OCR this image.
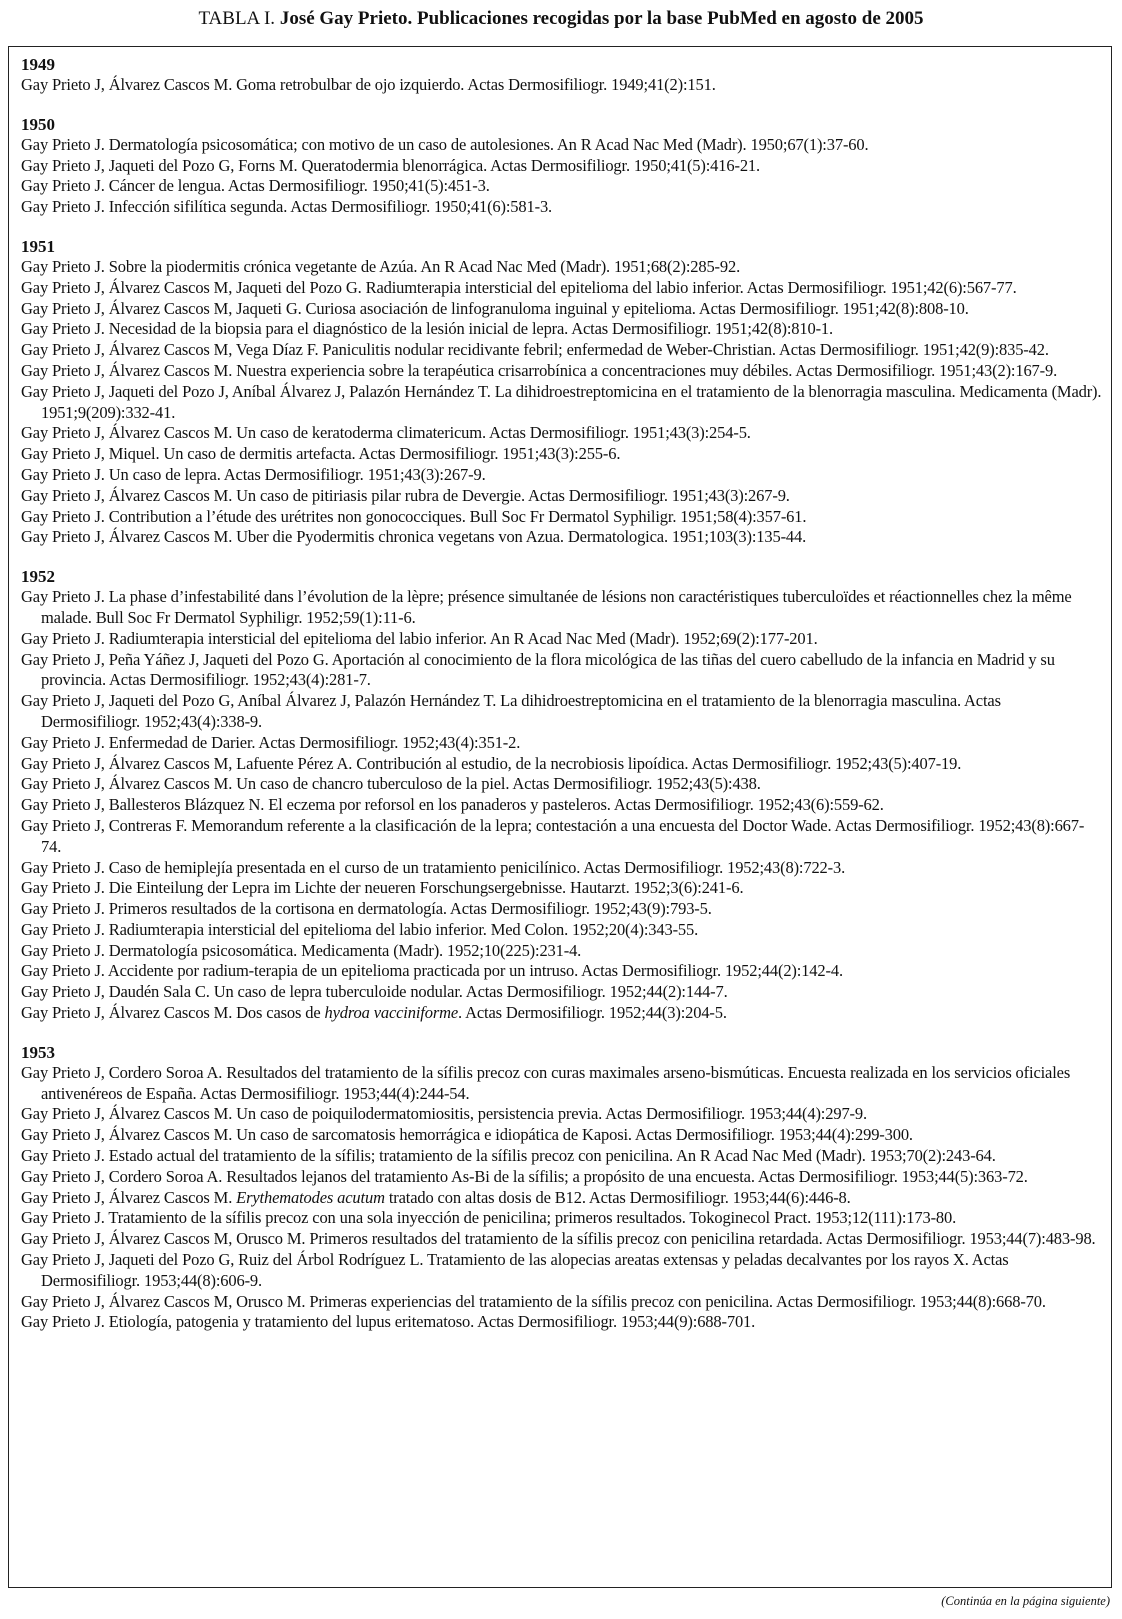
TABLA I. José Gay Prieto. Publicaciones recogidas por la base PubMed en agosto de 2005
1949
Gay Prieto J, Álvarez Cascos M. Goma retrobulbar de ojo izquierdo. Actas Dermosifiliogr. 1949;41(2):151.
1950
Gay Prieto J. Dermatología psicosomática; con motivo de un caso de autolesiones. An R Acad Nac Med (Madr). 1950;67(1):37-60.
Gay Prieto J, Jaqueti del Pozo G, Forns M. Queratodermia blenorrágica. Actas Dermosifiliogr. 1950;41(5):416-21.
Gay Prieto J. Cáncer de lengua. Actas Dermosifiliogr. 1950;41(5):451-3.
Gay Prieto J. Infección sifilítica segunda. Actas Dermosifiliogr. 1950;41(6):581-3.
1951
Gay Prieto J. Sobre la piodermitis crónica vegetante de Azúa. An R Acad Nac Med (Madr). 1951;68(2):285-92.
Gay Prieto J, Álvarez Cascos M, Jaqueti del Pozo G. Radiumterapia intersticial del epitelioma del labio inferior. Actas Dermosifiliogr. 1951;42(6):567-77.
Gay Prieto J, Álvarez Cascos M, Jaqueti G. Curiosa asociación de linfogranuloma inguinal y epitelioma. Actas Dermosifiliogr. 1951;42(8):808-10.
Gay Prieto J. Necesidad de la biopsia para el diagnóstico de la lesión inicial de lepra. Actas Dermosifiliogr. 1951;42(8):810-1.
Gay Prieto J, Álvarez Cascos M, Vega Díaz F. Paniculitis nodular recidivante febril; enfermedad de Weber-Christian. Actas Dermosifiliogr. 1951;42(9):835-42.
Gay Prieto J, Álvarez Cascos M. Nuestra experiencia sobre la terapéutica crisarrobínica a concentraciones muy débiles. Actas Dermosifiliogr. 1951;43(2):167-9.
Gay Prieto J, Jaqueti del Pozo J, Aníbal Álvarez J, Palazón Hernández T. La dihidroestreptomicina en el tratamiento de la blenorragia masculina. Medicamenta (Madr). 1951;9(209):332-41.
Gay Prieto J, Álvarez Cascos M. Un caso de keratoderma climatericum. Actas Dermosifiliogr. 1951;43(3):254-5.
Gay Prieto J, Miquel. Un caso de dermitis artefacta. Actas Dermosifiliogr. 1951;43(3):255-6.
Gay Prieto J. Un caso de lepra. Actas Dermosifiliogr. 1951;43(3):267-9.
Gay Prieto J, Álvarez Cascos M. Un caso de pitiriasis pilar rubra de Devergie. Actas Dermosifiliogr. 1951;43(3):267-9.
Gay Prieto J. Contribution a l’étude des urétrites non gonococciques. Bull Soc Fr Dermatol Syphiligr. 1951;58(4):357-61.
Gay Prieto J, Álvarez Cascos M. Uber die Pyodermitis chronica vegetans von Azua. Dermatologica. 1951;103(3):135-44.
1952
Gay Prieto J. La phase d’infestabilité dans l’évolution de la lèpre; présence simultanée de lésions non caractéristiques tuberculoïdes et réactionnelles chez la même malade. Bull Soc Fr Dermatol Syphiligr. 1952;59(1):11-6.
Gay Prieto J. Radiumterapia intersticial del epitelioma del labio inferior. An R Acad Nac Med (Madr). 1952;69(2):177-201.
Gay Prieto J, Peña Yáñez J, Jaqueti del Pozo G. Aportación al conocimiento de la flora micológica de las tiñas del cuero cabelludo de la infancia en Madrid y su provincia. Actas Dermosifiliogr. 1952;43(4):281-7.
Gay Prieto J, Jaqueti del Pozo G, Aníbal Álvarez J, Palazón Hernández T. La dihidroestreptomicina en el tratamiento de la blenorragia masculina. Actas Dermosifiliogr. 1952;43(4):338-9.
Gay Prieto J. Enfermedad de Darier. Actas Dermosifiliogr. 1952;43(4):351-2.
Gay Prieto J, Álvarez Cascos M, Lafuente Pérez A. Contribución al estudio, de la necrobiosis lipoídica. Actas Dermosifiliogr. 1952;43(5):407-19.
Gay Prieto J, Álvarez Cascos M. Un caso de chancro tuberculoso de la piel. Actas Dermosifiliogr. 1952;43(5):438.
Gay Prieto J, Ballesteros Blázquez N. El eczema por reforsol en los panaderos y pasteleros. Actas Dermosifiliogr. 1952;43(6):559-62.
Gay Prieto J, Contreras F. Memorandum referente a la clasificación de la lepra; contestación a una encuesta del Doctor Wade. Actas Dermosifiliogr. 1952;43(8):667-74.
Gay Prieto J. Caso de hemiplejía presentada en el curso de un tratamiento penicilínico. Actas Dermosifiliogr. 1952;43(8):722-3.
Gay Prieto J. Die Einteilung der Lepra im Lichte der neueren Forschungsergebnisse. Hautarzt. 1952;3(6):241-6.
Gay Prieto J. Primeros resultados de la cortisona en dermatología. Actas Dermosifiliogr. 1952;43(9):793-5.
Gay Prieto J. Radiumterapia intersticial del epitelioma del labio inferior. Med Colon. 1952;20(4):343-55.
Gay Prieto J. Dermatología psicosomática. Medicamenta (Madr). 1952;10(225):231-4.
Gay Prieto J. Accidente por radium-terapia de un epitelioma practicada por un intruso. Actas Dermosifiliogr. 1952;44(2):142-4.
Gay Prieto J, Daudén Sala C. Un caso de lepra tuberculoide nodular. Actas Dermosifiliogr. 1952;44(2):144-7.
Gay Prieto J, Álvarez Cascos M. Dos casos de hydroa vacciniforme. Actas Dermosifiliogr. 1952;44(3):204-5.
1953
Gay Prieto J, Cordero Soroa A. Resultados del tratamiento de la sífilis precoz con curas maximales arseno-bismúticas. Encuesta realizada en los servicios oficiales antivenéreos de España. Actas Dermosifiliogr. 1953;44(4):244-54.
Gay Prieto J, Álvarez Cascos M. Un caso de poiquilodermatomiositis, persistencia previa. Actas Dermosifiliogr. 1953;44(4):297-9.
Gay Prieto J, Álvarez Cascos M. Un caso de sarcomatosis hemorrágica e idiopática de Kaposi. Actas Dermosifiliogr. 1953;44(4):299-300.
Gay Prieto J. Estado actual del tratamiento de la sífilis; tratamiento de la sífilis precoz con penicilina. An R Acad Nac Med (Madr). 1953;70(2):243-64.
Gay Prieto J, Cordero Soroa A. Resultados lejanos del tratamiento As-Bi de la sífilis; a propósito de una encuesta. Actas Dermosifiliogr. 1953;44(5):363-72.
Gay Prieto J, Álvarez Cascos M. Erythematodes acutum tratado con altas dosis de B12. Actas Dermosifiliogr. 1953;44(6):446-8.
Gay Prieto J. Tratamiento de la sífilis precoz con una sola inyección de penicilina; primeros resultados. Tokoginecol Pract. 1953;12(111):173-80.
Gay Prieto J, Álvarez Cascos M, Orusco M. Primeros resultados del tratamiento de la sífilis precoz con penicilina retardada. Actas Dermosifiliogr. 1953;44(7):483-98.
Gay Prieto J, Jaqueti del Pozo G, Ruiz del Árbol Rodríguez L. Tratamiento de las alopecias areatas extensas y peladas decalvantes por los rayos X. Actas Dermosifiliogr. 1953;44(8):606-9.
Gay Prieto J, Álvarez Cascos M, Orusco M. Primeras experiencias del tratamiento de la sífilis precoz con penicilina. Actas Dermosifiliogr. 1953;44(8):668-70.
Gay Prieto J. Etiología, patogenia y tratamiento del lupus eritematoso. Actas Dermosifiliogr. 1953;44(9):688-701.
(Continúa en la página siguiente)
